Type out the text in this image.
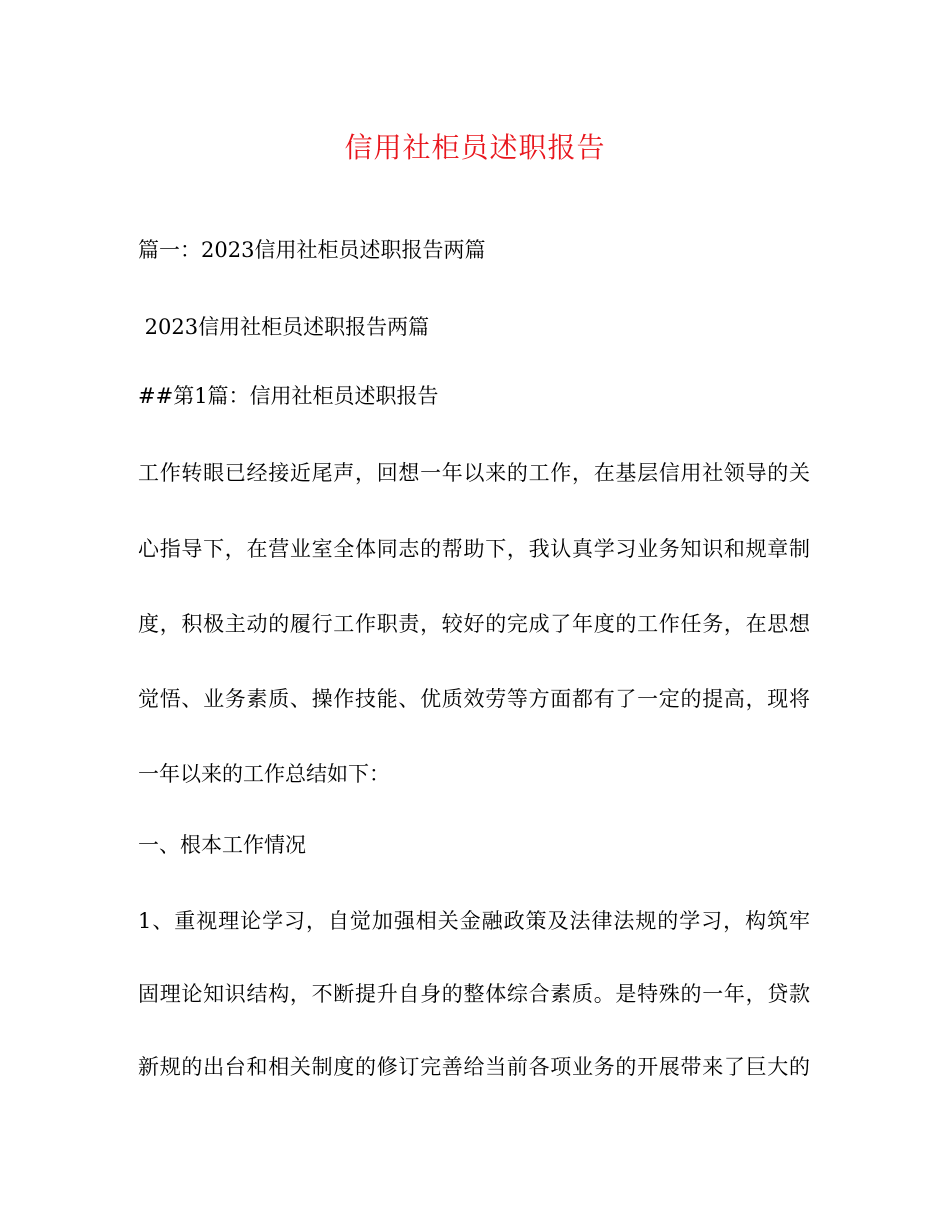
信用社柜员述职报告
篇一：2023信用社柜员述职报告两篇
2023信用社柜员述职报告两篇
##第1篇：信用社柜员述职报告
工作转眼已经接近尾声，回想一年以来的工作，在基层信用社领导的关
心指导下，在营业室全体同志的帮助下，我认真学习业务知识和规章制
度，积极主动的履行工作职责，较好的完成了年度的工作任务，在思想
觉悟、业务素质、操作技能、优质效劳等方面都有了一定的提高，现将
一年以来的工作总结如下：
一、根本工作情况
1、重视理论学习，自觉加强相关金融政策及法律法规的学习，构筑牢
固理论知识结构，不断提升自身的整体综合素质。是特殊的一年，贷款
新规的出台和相关制度的修订完善给当前各项业务的开展带来了巨大的
